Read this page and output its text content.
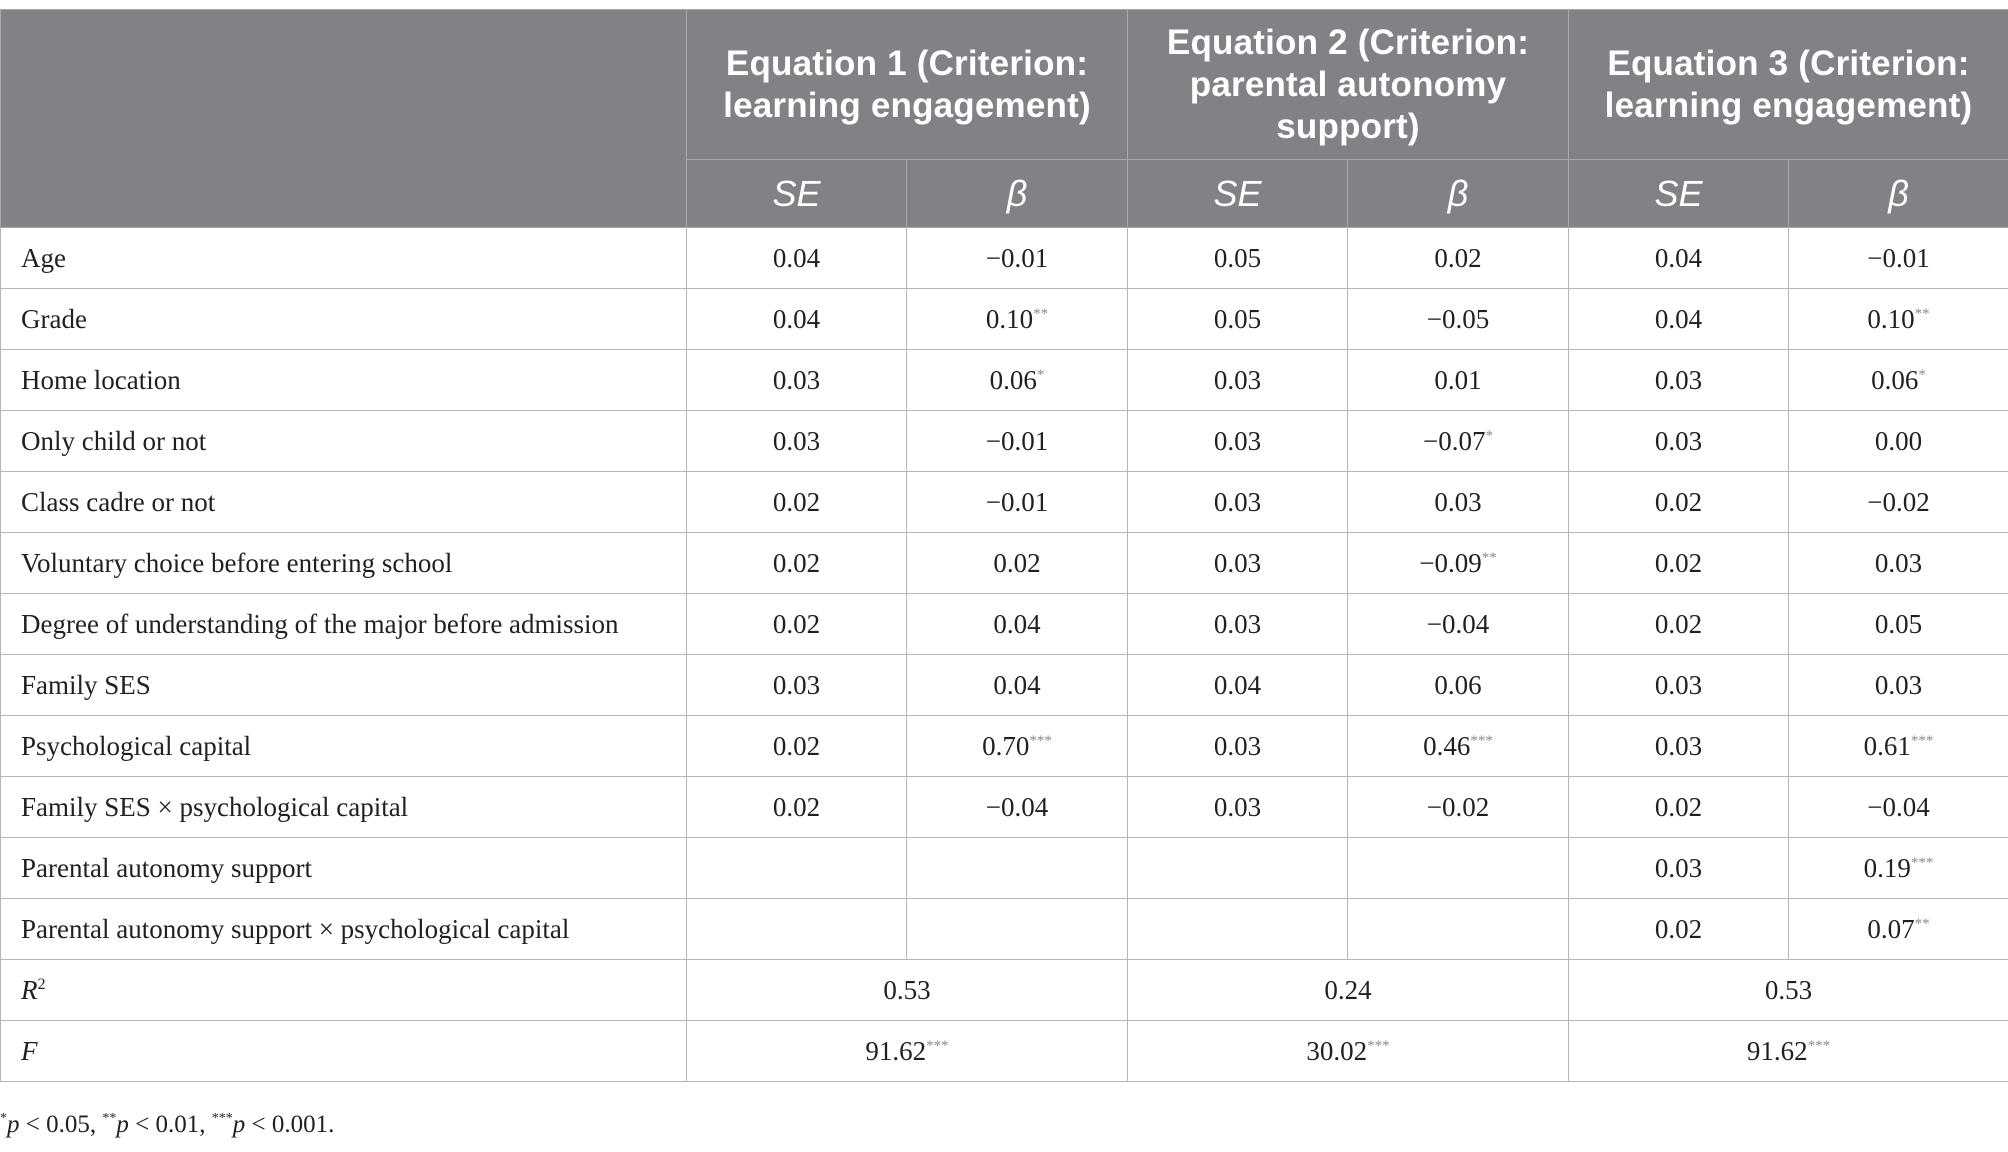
	Equation 1 (Criterion: learning engagement)		Equation 2 (Criterion: parental autonomy support)		Equation 3 (Criterion: learning engagement)	
	SE	β	SE	β	SE	β
Age	0.04	−0.01	0.05	0.02	0.04	−0.01
Grade	0.04	0.10**	0.05	−0.05	0.04	0.10**
Home location	0.03	0.06*	0.03	0.01	0.03	0.06*
Only child or not	0.03	−0.01	0.03	−0.07*	0.03	0.00
Class cadre or not	0.02	−0.01	0.03	0.03	0.02	−0.02
Voluntary choice before entering school	0.02	0.02	0.03	−0.09**	0.02	0.03
Degree of understanding of the major before admission	0.02	0.04	0.03	−0.04	0.02	0.05
Family SES	0.03	0.04	0.04	0.06	0.03	0.03
Psychological capital	0.02	0.70***	0.03	0.46***	0.03	0.61***
Family SES × psychological capital	0.02	−0.04	0.03	−0.02	0.02	−0.04
Parental autonomy support					0.03	0.19***
Parental autonomy support × psychological capital					0.02	0.07**
$R^2$	0.53		0.24		0.53	
F	91.62***		30.02***		91.62***
*p < 0.05, **p < 0.01, ***p < 0.001.
